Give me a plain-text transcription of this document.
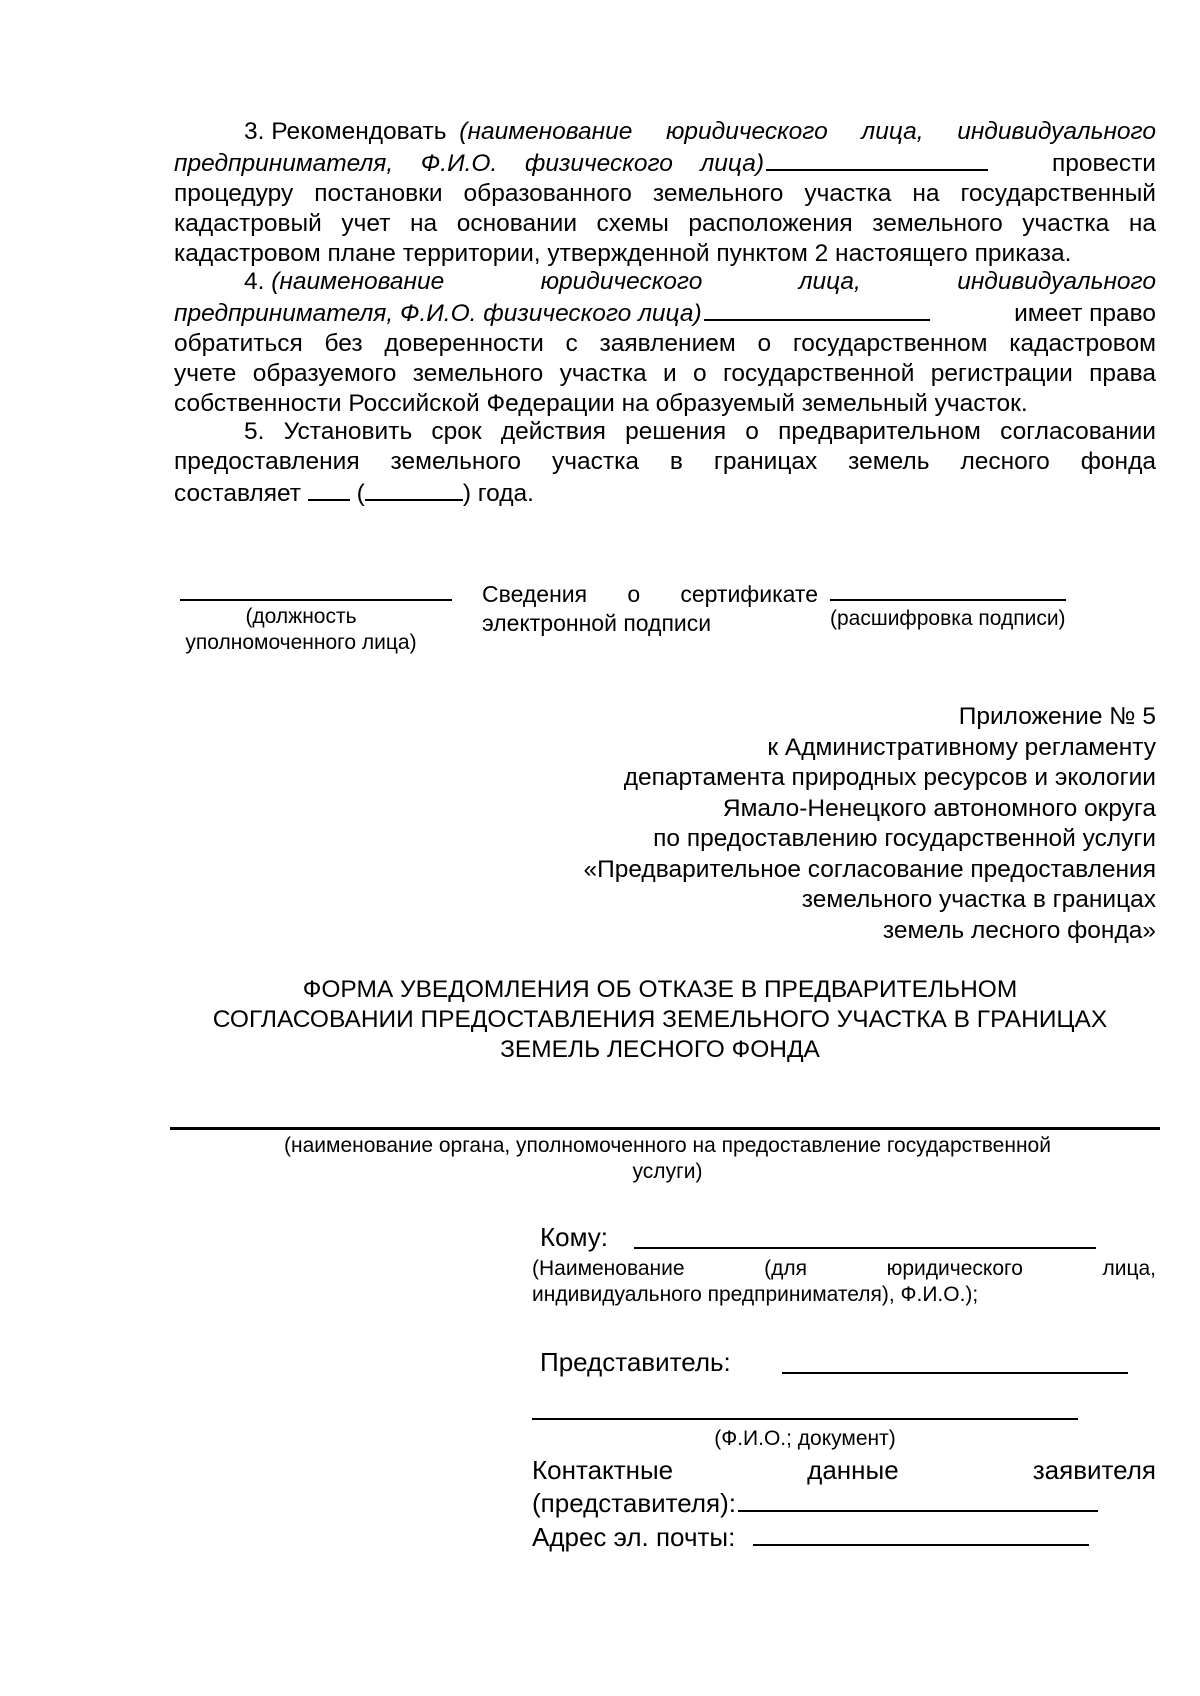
3. Рекомендовать (наименование юридического лица, индивидуального
предпринимателя, Ф.И.О. физического лица)	провести
процедуру постановки образованного земельного участка на государственный
кадастровый учет на основании схемы расположения земельного участка на
кадастровом плане территории, утвержденной пунктом 2 настоящего приказа.
4. (наименование юридического лица, индивидуального
предпринимателя, Ф.И.О. физического лица)	имеет право
обратиться без доверенности с заявлением о государственном кадастровом
учете образуемого земельного участка и о государственной регистрации права
собственности Российской Федерации на образуемый земельный участок.
5. Установить срок действия решения о предварительном согласовании
предоставления земельного участка в границах земель лесного фонда
составляет  (	) года.
(должность
уполномоченного лица)
Сведения о сертификате
электронной подписи	(расшифровка подписи)
Приложение № 5
к Административному регламенту
департамента природных ресурсов и экологии
Ямало-Ненецкого автономного округа
по предоставлению государственной услуги
«Предварительное согласование предоставления
земельного участка в границах
земель лесного фонда»
ФОРМА УВЕДОМЛЕНИЯ ОБ ОТКАЗЕ В ПРЕДВАРИТЕЛЬНОМ
СОГЛАСОВАНИИ ПРЕДОСТАВЛЕНИЯ ЗЕМЕЛЬНОГО УЧАСТКА В ГРАНИЦАХ
ЗЕМЕЛЬ ЛЕСНОГО ФОНДА
(наименование органа, уполномоченного на предоставление государственной
услуги)
Кому:
(Наименование (для юридического лица,
индивидуального предпринимателя), Ф.И.О.);
Представитель:
(Ф.И.О.; документ)
Контактные данные заявителя
(представителя):
Адрес эл. почты:
